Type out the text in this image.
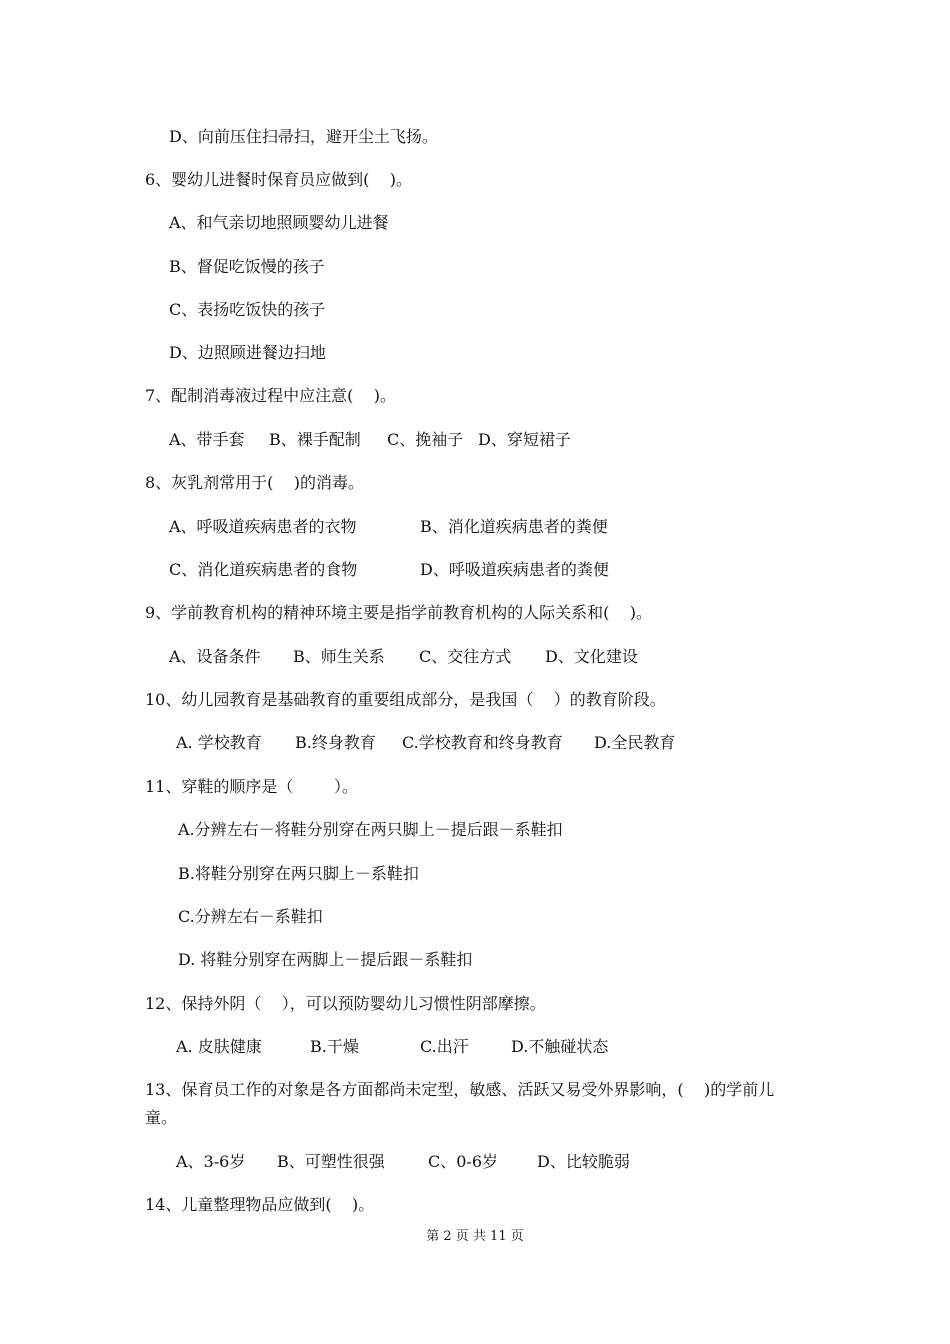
D、向前压住扫帚扫，避开尘土飞扬。
6、婴幼儿进餐时保育员应做到(    )。
A、和气亲切地照顾婴幼儿进餐
B、督促吃饭慢的孩子
C、表扬吃饭快的孩子
D、边照顾进餐边扫地
7、配制消毒液过程中应注意(    )。
A、带手套 B、裸手配制 C、挽袖子 D、穿短裙子
8、灰乳剂常用于(    )的消毒。
A、呼吸道疾病患者的衣物	B、消化道疾病患者的粪便
C、消化道疾病患者的食物	D、呼吸道疾病患者的粪便
9、学前教育机构的精神环境主要是指学前教育机构的人际关系和(    )。
A、设备条件 B、师生关系 C、交往方式 D、文化建设
10、幼儿园教育是基础教育的重要组成部分，是我国（    ）的教育阶段。
A. 学校教育 B.终身教育 C.学校教育和终身教育 D.全民教育
11、穿鞋的顺序是（        ）。
A.分辨左右－将鞋分别穿在两只脚上－提后跟－系鞋扣
B.将鞋分别穿在两只脚上－系鞋扣
C.分辨左右－系鞋扣
D. 将鞋分别穿在两脚上－提后跟－系鞋扣
12、保持外阴（    ），可以预防婴幼儿习惯性阴部摩擦。
A. 皮肤健康	B.干燥	C.出汗	D.不触碰状态
13、保育员工作的对象是各方面都尚未定型，敏感、活跃又易受外界影响，(    )的学前儿
童。
A、3-6岁 B、可塑性很强	C、0-6岁 D、比较脆弱
14、儿童整理物品应做到(    )。
第 2 页 共 11 页
